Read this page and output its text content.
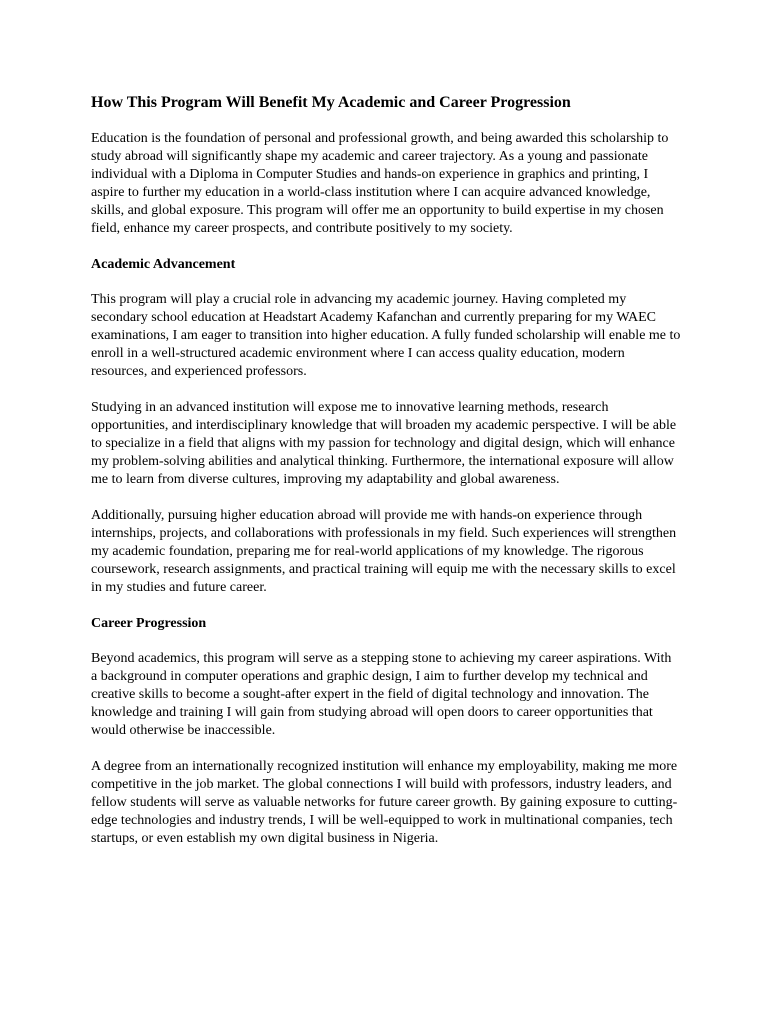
How This Program Will Benefit My Academic and Career Progression

Education is the foundation of personal and professional growth, and being awarded this scholarship to study abroad will significantly shape my academic and career trajectory. As a young and passionate individual with a Diploma in Computer Studies and hands-on experience in graphics and printing, I aspire to further my education in a world-class institution where I can acquire advanced knowledge, skills, and global exposure. This program will offer me an opportunity to build expertise in my chosen field, enhance my career prospects, and contribute positively to my society.

Academic Advancement

This program will play a crucial role in advancing my academic journey. Having completed my secondary school education at Headstart Academy Kafanchan and currently preparing for my WAEC examinations, I am eager to transition into higher education. A fully funded scholarship will enable me to enroll in a well-structured academic environment where I can access quality education, modern resources, and experienced professors.

Studying in an advanced institution will expose me to innovative learning methods, research opportunities, and interdisciplinary knowledge that will broaden my academic perspective. I will be able to specialize in a field that aligns with my passion for technology and digital design, which will enhance my problem-solving abilities and analytical thinking. Furthermore, the international exposure will allow me to learn from diverse cultures, improving my adaptability and global awareness.

Additionally, pursuing higher education abroad will provide me with hands-on experience through internships, projects, and collaborations with professionals in my field. Such experiences will strengthen my academic foundation, preparing me for real-world applications of my knowledge. The rigorous coursework, research assignments, and practical training will equip me with the necessary skills to excel in my studies and future career.

Career Progression

Beyond academics, this program will serve as a stepping stone to achieving my career aspirations. With a background in computer operations and graphic design, I aim to further develop my technical and creative skills to become a sought-after expert in the field of digital technology and innovation. The knowledge and training I will gain from studying abroad will open doors to career opportunities that would otherwise be inaccessible.

A degree from an internationally recognized institution will enhance my employability, making me more competitive in the job market. The global connections I will build with professors, industry leaders, and fellow students will serve as valuable networks for future career growth. By gaining exposure to cutting-edge technologies and industry trends, I will be well-equipped to work in multinational companies, tech startups, or even establish my own digital business in Nigeria.
